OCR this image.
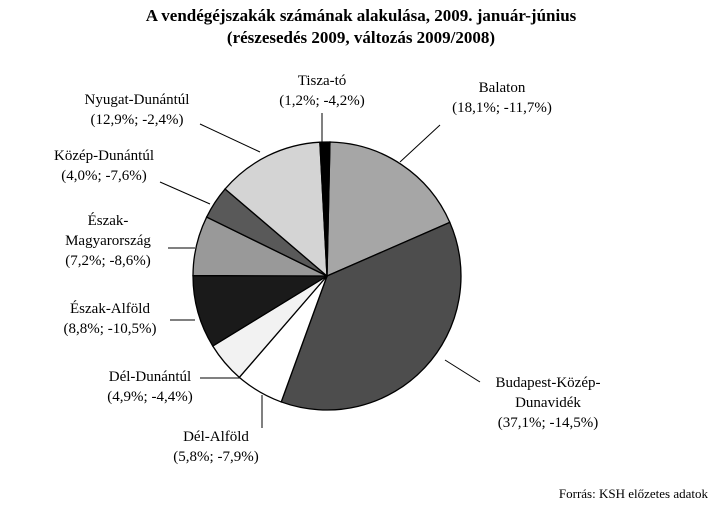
A vendégéjszakák számának alakulása, 2009. január-június
(részesedés 2009, változás 2009/2008)
Balaton
(18,1%; -11,7%)
Budapest-Közép-
Dunavidék
(37,1%; -14,5%)
Dél-Alföld
(5,8%; -7,9%)
Dél-Dunántúl
(4,9%; -4,4%)
Észak-Alföld
(8,8%; -10,5%)
Észak-
Magyarország
(7,2%; -8,6%)
Közép-Dunántúl
(4,0%; -7,6%)
Nyugat-Dunántúl
(12,9%; -2,4%)
Tisza-tó
(1,2%; -4,2%)
Forrás: KSH előzetes adatok
